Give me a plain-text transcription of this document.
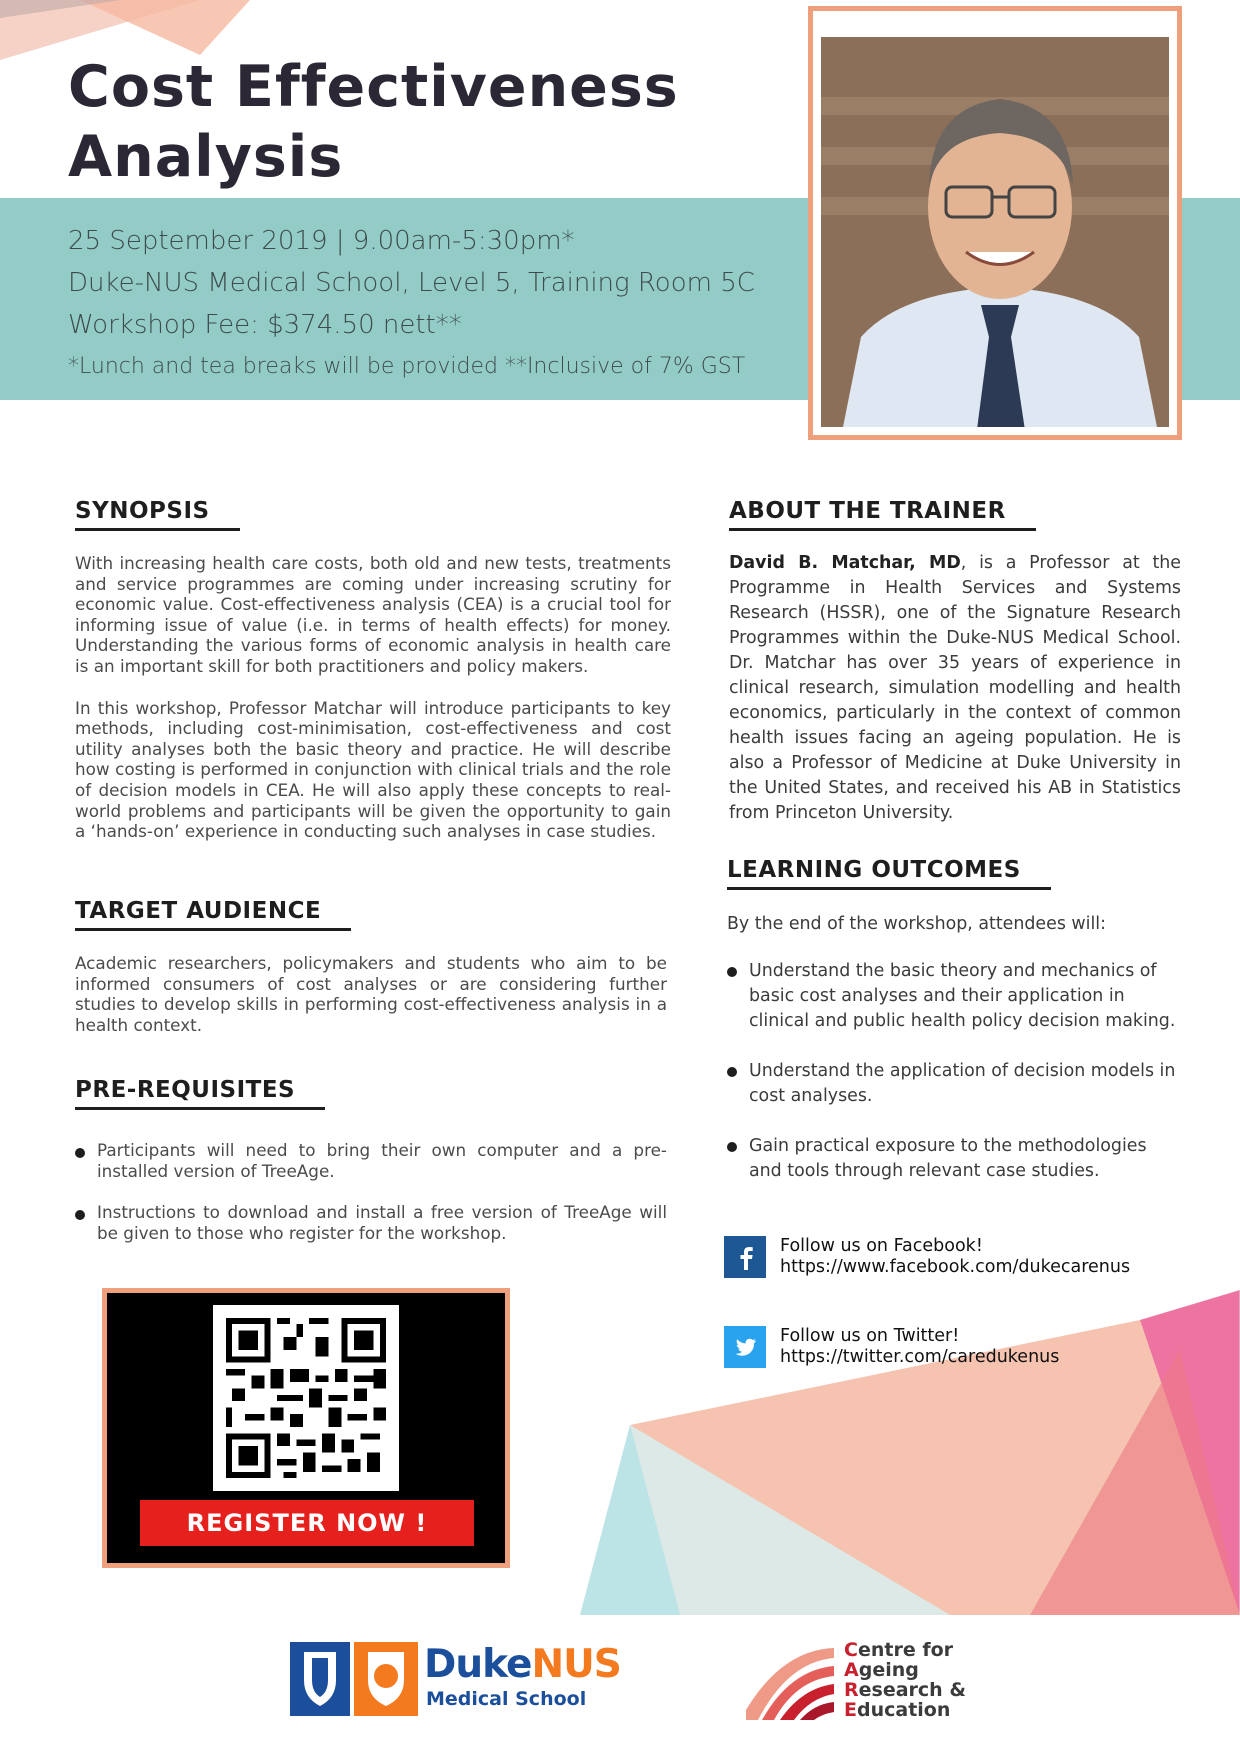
Cost Effectiveness
Analysis
25 September 2019 | 9.00am-5:30pm*
Duke-NUS Medical School, Level 5, Training Room 5C
Workshop Fee: $374.50 nett**
*Lunch and tea breaks will be provided **Inclusive of 7% GST
SYNOPSIS

With increasing health care costs, both old and new tests, treatments and service programmes are coming under increasing scrutiny for economic value. Cost-effectiveness analysis (CEA) is a crucial tool for informing issue of value (i.e. in terms of health effects) for money. Understanding the various forms of economic analysis in health care is an important skill for both practitioners and policy makers.

In this workshop, Professor Matchar will introduce participants to key methods, including cost-minimisation, cost-effectiveness and cost utility analyses both the basic theory and practice. He will describe how costing is performed in conjunction with clinical trials and the role of decision models in CEA. He will also apply these concepts to real-world problems and participants will be given the opportunity to gain a ‘hands-on’ experience in conducting such analyses in case studies.

TARGET AUDIENCE

Academic researchers, policymakers and students who aim to be informed consumers of cost analyses or are considering further studies to develop skills in performing cost-effectiveness analysis in a health context.

PRE-REQUISITES
Participants will need to bring their own computer and a pre-installed version of TreeAge.
Instructions to download and install a free version of TreeAge will be given to those who register for the workshop.
REGISTER NOW !
ABOUT THE TRAINER

David B. Matchar, MD, is a Professor at the Programme in Health Services and Systems Research (HSSR), one of the Signature Research Programmes within the Duke-NUS Medical School. Dr. Matchar has over 35 years of experience in clinical research, simulation modelling and health economics, particularly in the context of common health issues facing an ageing population. He is also a Professor of Medicine at Duke University in the United States, and received his AB in Statistics from Princeton University.

LEARNING OUTCOMES

By the end of the workshop, attendees will:

Understand the basic theory and mechanics of basic cost analyses and their application in clinical and public health policy decision making.
Understand the application of decision models in cost analyses.
Gain practical exposure to the methodologies and tools through relevant case studies.
Follow us on Facebook!
https://www.facebook.com/dukecarenus
Follow us on Twitter!
https://twitter.com/caredukenus
DukeNUS
Medical School
Centre for
Ageing
Research &
Education
